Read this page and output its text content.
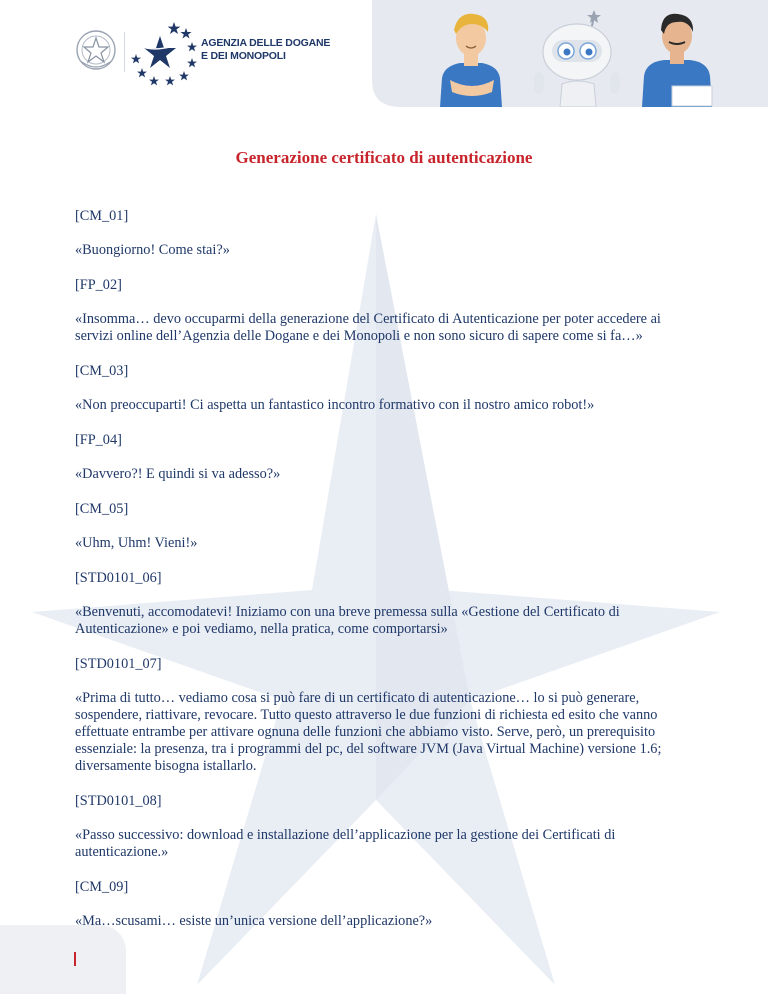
AGENZIA DELLE DOGANE
E DEI MONOPOLI
Generazione certificato di autenticazione

[CM_01]

«Buongiorno! Come stai?»

[FP_02]

«Insomma… devo occuparmi della generazione del Certificato di Autenticazione per poter accedere ai servizi online dell’Agenzia delle Dogane e dei Monopoli e non sono sicuro di sapere come si fa…»

[CM_03]

«Non preoccuparti! Ci aspetta un fantastico incontro formativo con il nostro amico robot!»

[FP_04]

«Davvero?! E quindi si va adesso?»

[CM_05]

«Uhm, Uhm! Vieni!»

[STD0101_06]

«Benvenuti, accomodatevi! Iniziamo con una breve premessa sulla «Gestione del Certificato di Autenticazione» e poi vediamo, nella pratica, come comportarsi»

[STD0101_07]

«Prima di tutto… vediamo cosa si può fare di un certificato di autenticazione… lo si può generare, sospendere, riattivare, revocare. Tutto questo attraverso le due funzioni di richiesta ed esito che vanno effettuate entrambe per attivare ognuna delle funzioni che abbiamo visto. Serve, però, un prerequisito essenziale: la presenza, tra i programmi del pc, del software JVM (Java Virtual Machine) versione 1.6; diversamente bisogna istallarlo.

[STD0101_08]

«Passo successivo: download e installazione dell’applicazione per la gestione dei Certificati di autenticazione.»

[CM_09]

«Ma…scusami… esiste un’unica versione dell’applicazione?»
